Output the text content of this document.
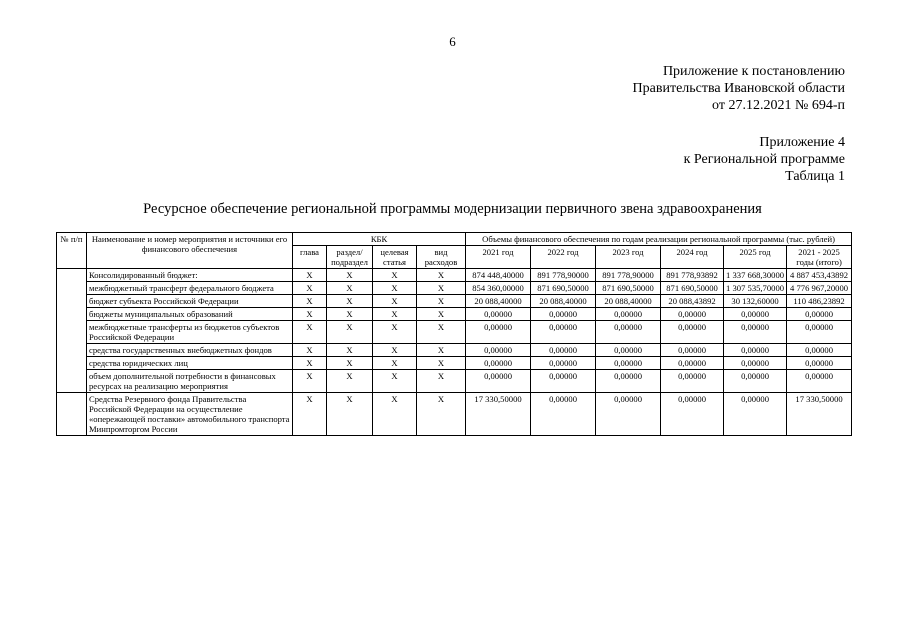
6
Приложение к постановлению
Правительства Ивановской области
от 27.12.2021 № 694-п
Приложение 4
к Региональной программе
Таблица 1
Ресурсное обеспечение региональной программы модернизации первичного звена здравоохранения
№ п/п	Наименование и номер мероприятия и источники его финансового обеспечения	КБК				Объемы финансового обеспечения по годам реализации региональной программы (тыс. рублей)					
		глава	раздел/ подраздел	целевая статья	вид расходов	2021 год	2022 год	2023 год	2024 год	2025 год	2021 - 2025 годы (итого)
	Консолидированный бюджет:	Х	Х	Х	Х	874 448,40000	891 778,90000	891 778,90000	891 778,93892	1 337 668,30000	4 887 453,43892
	межбюджетный трансферт федерального бюджета	Х	Х	Х	Х	854 360,00000	871 690,50000	871 690,50000	871 690,50000	1 307 535,70000	4 776 967,20000
	бюджет субъекта Российской Федерации	Х	Х	Х	Х	20 088,40000	20 088,40000	20 088,40000	20 088,43892	30 132,60000	110 486,23892
	бюджеты муниципальных образований	Х	Х	Х	Х	0,00000	0,00000	0,00000	0,00000	0,00000	0,00000
	межбюджетные трансферты из бюджетов субъектов Российской Федерации	Х	Х	Х	Х	0,00000	0,00000	0,00000	0,00000	0,00000	0,00000
	средства государственных внебюджетных фондов	Х	Х	Х	Х	0,00000	0,00000	0,00000	0,00000	0,00000	0,00000
	средства юридических лиц	Х	Х	Х	Х	0,00000	0,00000	0,00000	0,00000	0,00000	0,00000
	объем дополнительной потребности в финансовых ресурсах на реализацию мероприятия	Х	Х	Х	Х	0,00000	0,00000	0,00000	0,00000	0,00000	0,00000
	Средства Резервного фонда Правительства Российской Федерации на осуществление «опережающей поставки» автомобильного транспорта Минпромторгом России	Х	Х	Х	Х	17 330,50000	0,00000	0,00000	0,00000	0,00000	17 330,50000
